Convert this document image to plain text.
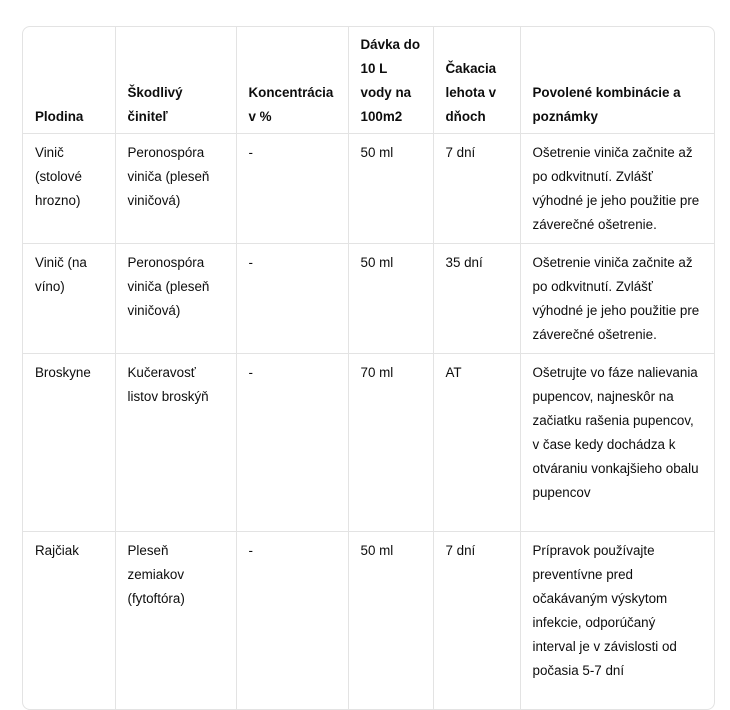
Plodina	Škodlivý činiteľ	Koncentrácia v %	Dávka do 10 L vody na 100m2	Čakacia lehota v dňoch	Povolené kombinácie a poznámky
Vinič (stolové hrozno)	Peronospóra viniča (pleseň viničová)	-	50 ml	7 dní	Ošetrenie viniča začnite až po odkvitnutí. Zvlášť výhodné je jeho použitie pre záverečné ošetrenie.
Vinič (na víno)	Peronospóra viniča (pleseň viničová)	-	50 ml	35 dní	Ošetrenie viniča začnite až po odkvitnutí. Zvlášť výhodné je jeho použitie pre záverečné ošetrenie.
Broskyne	Kučeravosť listov broskýň	-	70 ml	AT	Ošetrujte vo fáze nalievania pupencov, najneskôr na začiatku rašenia pupencov, v čase kedy dochádza k otváraniu vonkajšieho obalu pupencov
Rajčiak	Pleseň zemiakov (fytoftóra)	-	50 ml	7 dní	Prípravok používajte preventívne pred očakávaným výskytom infekcie, odporúčaný interval je v závislosti od počasia 5-7 dní
